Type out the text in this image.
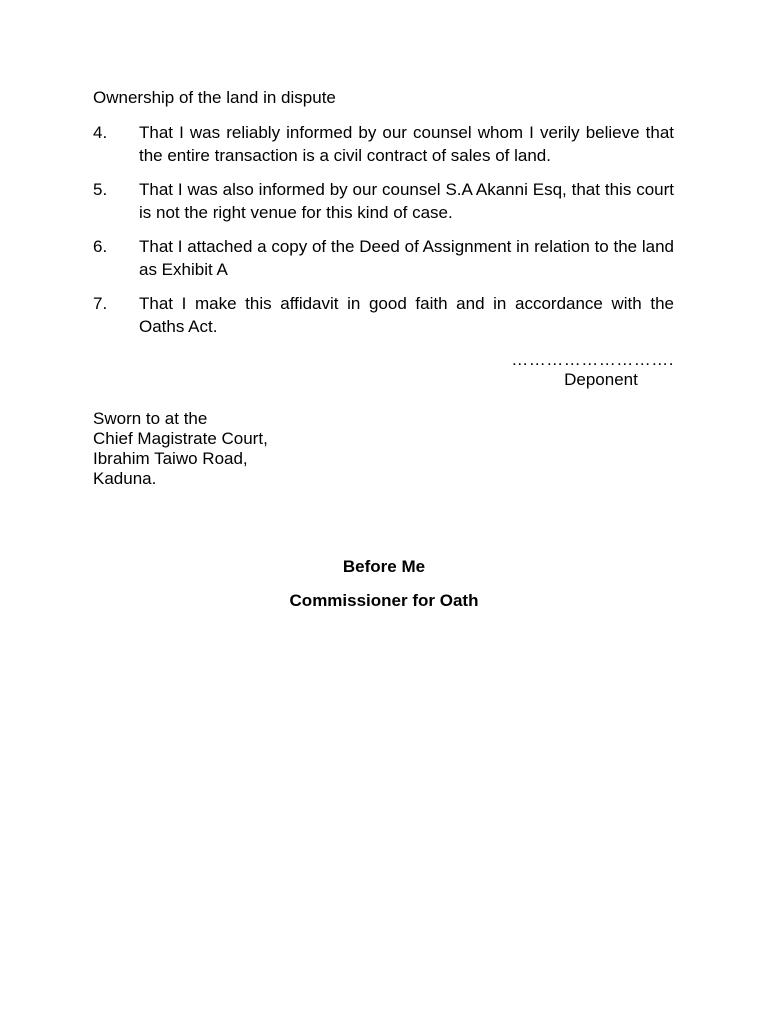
Ownership of the land in dispute

4. That I was reliably informed by our counsel whom I verily believe that the entire transaction is a civil contract of sales of land.
5. That I was also informed by our counsel S.A Akanni Esq, that this court is not the right venue for this kind of case.
6. That I attached a copy of the Deed of Assignment in relation to the land as Exhibit A
7. That I make this affidavit in good faith and in accordance with the Oaths Act.
……………………….
Deponent
Sworn to at the
Chief Magistrate Court,
Ibrahim Taiwo Road,
Kaduna.
Before Me
Commissioner for Oath
